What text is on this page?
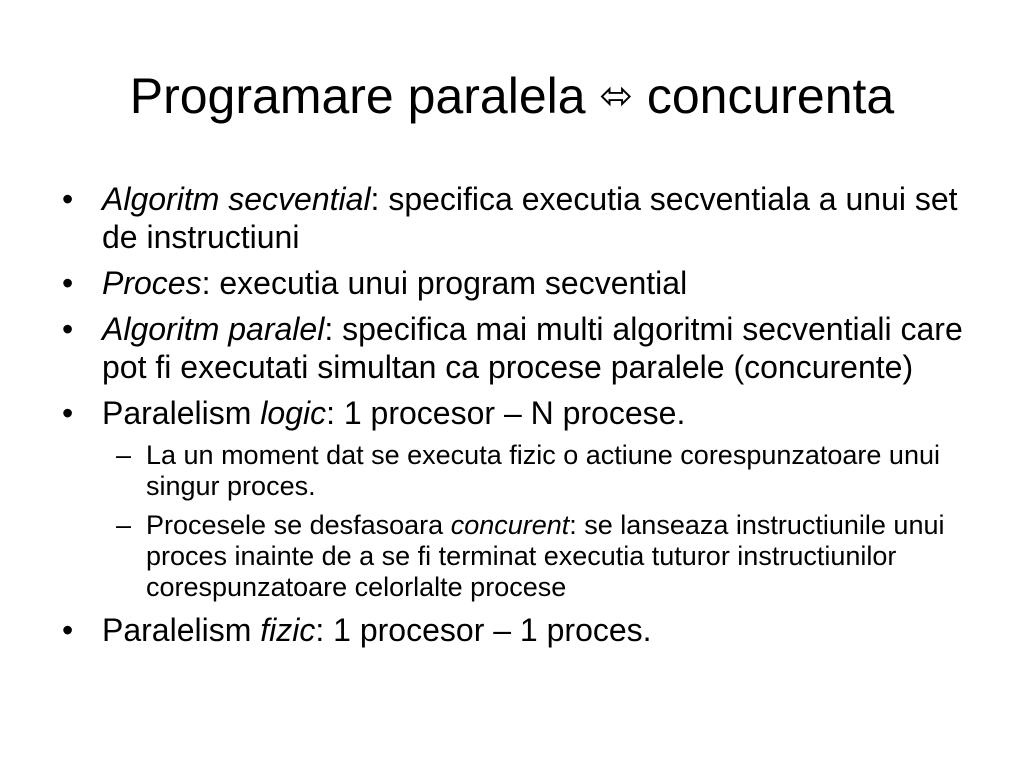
Programare paralela ⬄ concurenta
• Algoritm secvential: specifica executia secventiala a unui set de instructiuni
• Proces: executia unui program secvential
• Algoritm paralel: specifica mai multi algoritmi secventiali care pot fi executati simultan ca procese paralele (concurente)
• Paralelism logic: 1 procesor – N procese.
– La un moment dat se executa fizic o actiune corespunzatoare unui singur proces.
– Procesele se desfasoara concurent: se lanseaza instructiunile unui proces inainte de a se fi terminat executia tuturor instructiunilor corespunzatoare celorlalte procese
• Paralelism fizic: 1 procesor – 1 proces.
